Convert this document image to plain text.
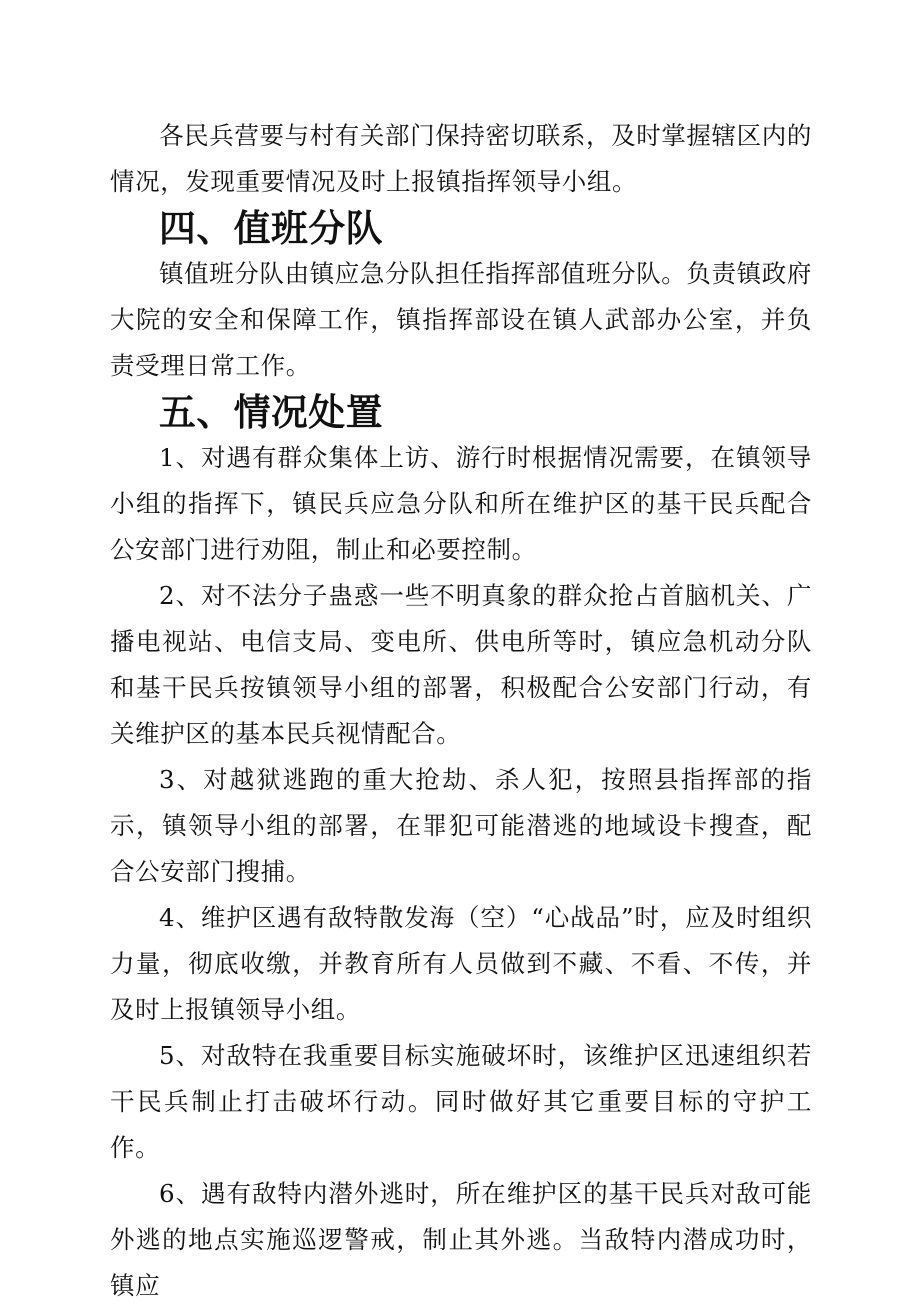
各民兵营要与村有关部门保持密切联系，及时掌握辖区内的情况，发现重要情况及时上报镇指挥领导小组。

四、值班分队

镇值班分队由镇应急分队担任指挥部值班分队。负责镇政府大院的安全和保障工作，镇指挥部设在镇人武部办公室，并负责受理日常工作。

五、情况处置

1、对遇有群众集体上访、游行时根据情况需要，在镇领导小组的指挥下，镇民兵应急分队和所在维护区的基干民兵配合公安部门进行劝阻，制止和必要控制。

2、对不法分子蛊惑一些不明真象的群众抢占首脑机关、广播电视站、电信支局、变电所、供电所等时，镇应急机动分队和基干民兵按镇领导小组的部署，积极配合公安部门行动，有关维护区的基本民兵视情配合。

3、对越狱逃跑的重大抢劫、杀人犯，按照县指挥部的指示，镇领导小组的部署，在罪犯可能潜逃的地域设卡搜查，配合公安部门搜捕。

4、维护区遇有敌特散发海（空）“心战品”时，应及时组织力量，彻底收缴，并教育所有人员做到不藏、不看、不传，并及时上报镇领导小组。

5、对敌特在我重要目标实施破坏时，该维护区迅速组织若干民兵制止打击破坏行动。同时做好其它重要目标的守护工作。

6、遇有敌特内潜外逃时，所在维护区的基干民兵对敌可能外逃的地点实施巡逻警戒，制止其外逃。当敌特内潜成功时，镇应
